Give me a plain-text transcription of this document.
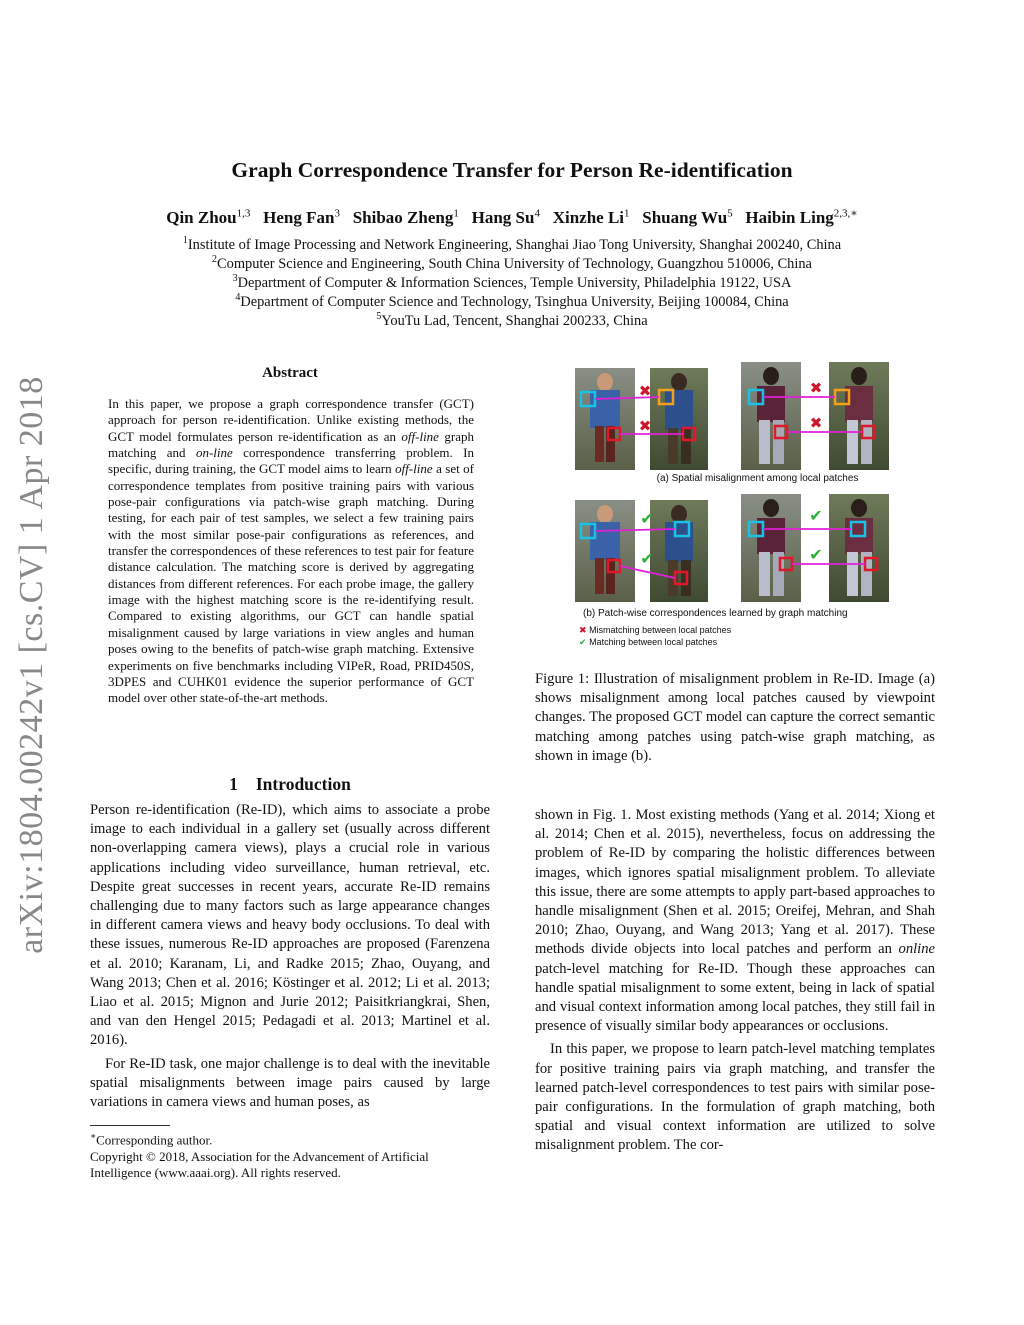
Graph Correspondence Transfer for Person Re-identification
Qin Zhou$^{1,3}$ Heng Fan$^3$ Shibao Zheng$^1$ Hang Su$^4$ Xinzhe Li$^1$ Shuang Wu$^5$ Haibin Ling$^{2,3,∗}$
$^1$Institute of Image Processing and Network Engineering, Shanghai Jiao Tong University, Shanghai 200240, China
$^2$Computer Science and Engineering, South China University of Technology, Guangzhou 510006, China
$^3$Department of Computer & Information Sciences, Temple University, Philadelphia 19122, USA
$^4$Department of Computer Science and Technology, Tsinghua University, Beijing 100084, China
$^5$YouTu Lad, Tencent, Shanghai 200233, China
arXiv:1804.00242v1 [cs.CV] 1 Apr 2018
Abstract
In this paper, we propose a graph correspondence transfer (GCT) approach for person re-identification. Unlike existing methods, the GCT model formulates person re-identification as an off-line graph matching and on-line correspondence transferring problem. In specific, during training, the GCT model aims to learn off-line a set of correspondence templates from positive training pairs with various pose-pair configurations via patch-wise graph matching. During testing, for each pair of test samples, we select a few training pairs with the most similar pose-pair configurations as references, and transfer the correspondences of these references to test pair for feature distance calculation. The matching score is derived by aggregating distances from different references. For each probe image, the gallery image with the highest matching score is the re-identifying result. Compared to existing algorithms, our GCT can handle spatial misalignment caused by large variations in view angles and human poses owing to the benefits of patch-wise graph matching. Extensive experiments on five benchmarks including VIPeR, Road, PRID450S, 3DPES and CUHK01 evidence the superior performance of GCT model over other state-of-the-art methods.
1 Introduction

Person re-identification (Re-ID), which aims to associate a probe image to each individual in a gallery set (usually across different non-overlapping camera views), plays a crucial role in various applications including video surveillance, human retrieval, etc. Despite great successes in recent years, accurate Re-ID remains challenging due to many factors such as large appearance changes in different camera views and heavy body occlusions. To deal with these issues, numerous Re-ID approaches are proposed (Farenzena et al. 2010; Karanam, Li, and Radke 2015; Zhao, Ouyang, and Wang 2013; Chen et al. 2016; Köstinger et al. 2012; Li et al. 2013; Liao et al. 2015; Mignon and Jurie 2012; Paisitkriangkrai, Shen, and van den Hengel 2015; Pedagadi et al. 2013; Martinel et al. 2016).

For Re-ID task, one major challenge is to deal with the inevitable spatial misalignments between image pairs caused by large variations in camera views and human poses, as

∗Corresponding author.
Copyright © 2018, Association for the Advancement of Artificial Intelligence (www.aaai.org). All rights reserved.
✖
✖
✖
✖
✔
✔
✔
✔
(a) Spatial misalignment among local patches
(b) Patch-wise correspondences learned by graph matching
✖ Mismatching between local patches
✔ Matching between local patches
Figure 1: Illustration of misalignment problem in Re-ID. Image (a) shows misalignment among local patches caused by viewpoint changes. The proposed GCT model can capture the correct semantic matching among patches using patch-wise graph matching, as shown in image (b).

shown in Fig. 1. Most existing methods (Yang et al. 2014; Xiong et al. 2014; Chen et al. 2015), nevertheless, focus on addressing the problem of Re-ID by comparing the holistic differences between images, which ignores spatial misalignment problem. To alleviate this issue, there are some attempts to apply part-based approaches to handle misalignment (Shen et al. 2015; Oreifej, Mehran, and Shah 2010; Zhao, Ouyang, and Wang 2013; Yang et al. 2017). These methods divide objects into local patches and perform an online patch-level matching for Re-ID. Though these approaches can handle spatial misalignment to some extent, being in lack of spatial and visual context information among local patches, they still fail in presence of visually similar body appearances or occlusions.

In this paper, we propose to learn patch-level matching templates for positive training pairs via graph matching, and transfer the learned patch-level correspondences to test pairs with similar pose-pair configurations. In the formulation of graph matching, both spatial and visual context information are utilized to solve misalignment problem. The cor-
